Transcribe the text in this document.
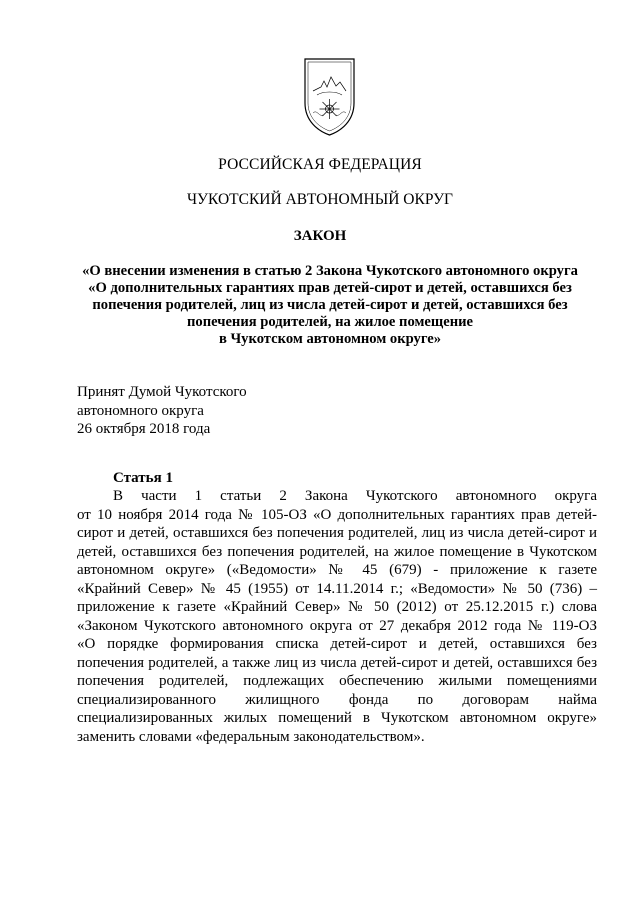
РОССИЙСКАЯ ФЕДЕРАЦИЯ
ЧУКОТСКИЙ АВТОНОМНЫЙ ОКРУГ
ЗАКОН
«О внесении изменения в статью 2 Закона Чукотского автономного округа
«О дополнительных гарантиях прав детей-сирот и детей, оставшихся без
попечения родителей, лиц из числа детей-сирот и детей, оставшихся без
попечения родителей, на жилое помещение
в Чукотском автономном округе»
Принят Думой Чукотского
автономного округа
26 октября 2018 года
Статья 1
В части 1 статьи 2 Закона Чукотского автономного округа
от 10 ноября 2014 года № 105-ОЗ «О дополнительных гарантиях прав детей-
сирот и детей, оставшихся без попечения родителей, лиц из числа детей-сирот и
детей, оставшихся без попечения родителей, на жилое помещение в Чукотском
автономном округе» («Ведомости» № 45 (679) - приложение к газете
«Крайний Север» № 45 (1955) от 14.11.2014 г.; «Ведомости» № 50 (736) –
приложение к газете «Крайний Север» № 50 (2012) от 25.12.2015 г.) слова
«Законом Чукотского автономного округа от 27 декабря 2012 года № 119-ОЗ
«О порядке формирования списка детей-сирот и детей, оставшихся без
попечения родителей, а также лиц из числа детей-сирот и детей, оставшихся без
попечения родителей, подлежащих обеспечению жилыми помещениями
специализированного жилищного фонда по договорам найма
специализированных жилых помещений в Чукотском автономном округе»
заменить словами «федеральным законодательством».
